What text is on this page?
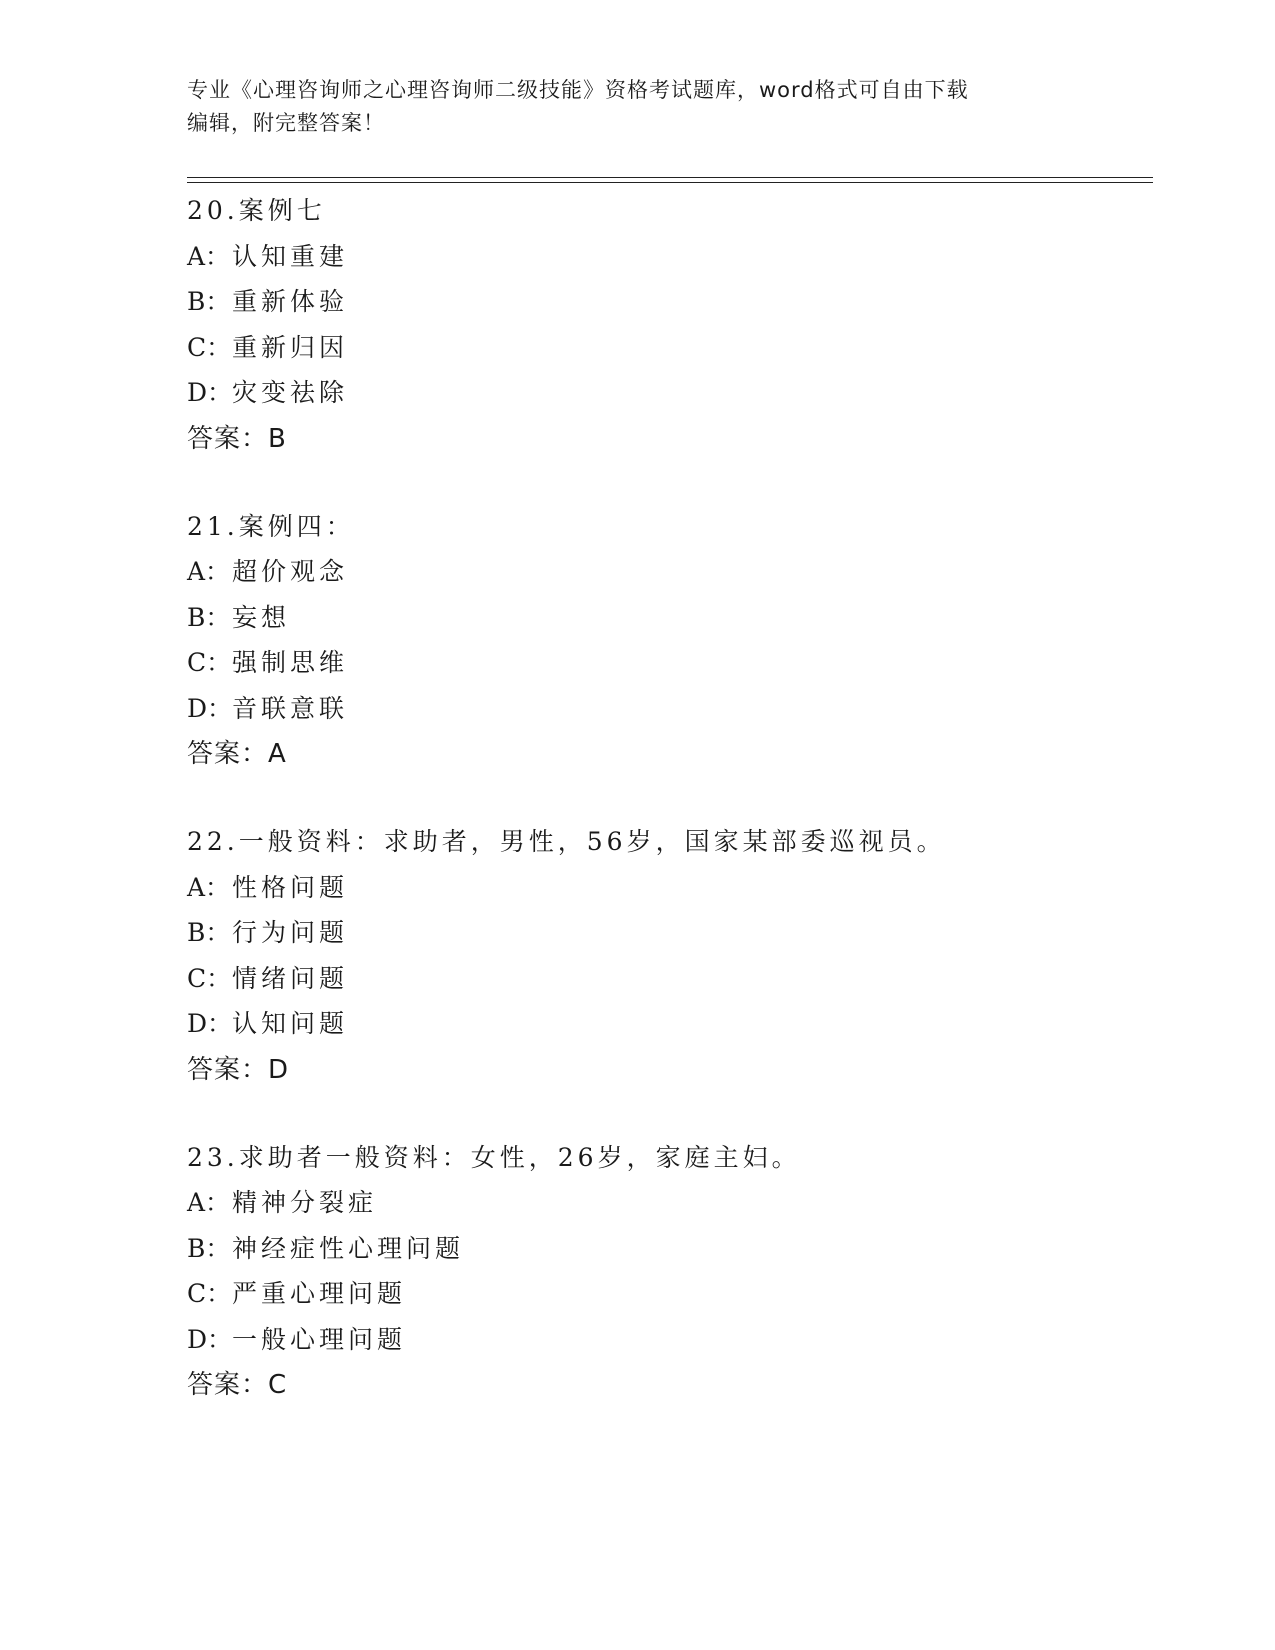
专业《心理咨询师之心理咨询师二级技能》资格考试题库，word格式可自由下载
编辑，附完整答案！
20.案例七
A：认知重建
B：重新体验
C：重新归因
D：灾变祛除
答案：B
21.案例四：
A：超价观念
B：妄想
C：强制思维
D：音联意联
答案：A
22.一般资料：求助者，男性，56岁，国家某部委巡视员。
A：性格问题
B：行为问题
C：情绪问题
D：认知问题
答案：D
23.求助者一般资料：女性，26岁，家庭主妇。
A：精神分裂症
B：神经症性心理问题
C：严重心理问题
D：一般心理问题
答案：C
